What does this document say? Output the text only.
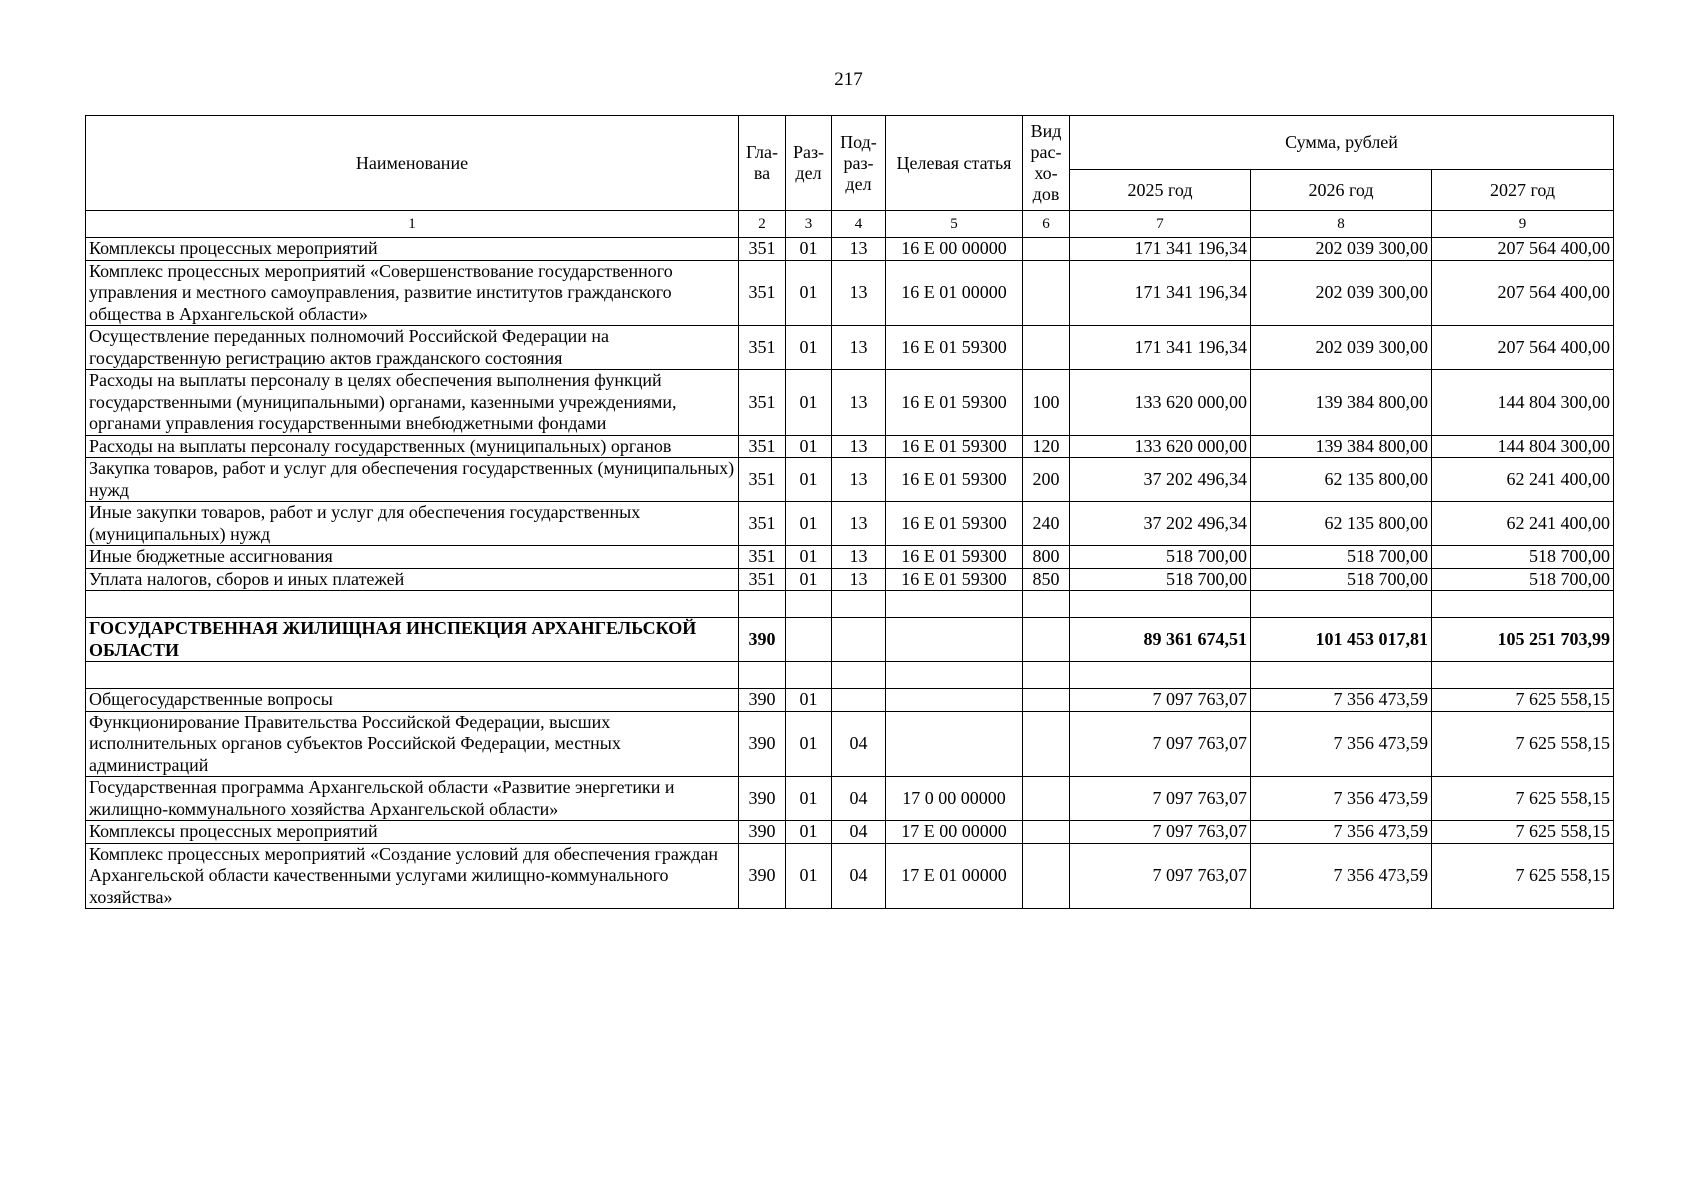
217
Наименование	Гла-ва	Раз-дел	Под-раз-дел	Целевая статья	Вид рас-хо-дов	Сумма, рублей		
						2025 год	2026 год	2027 год
1	2	3	4	5	6	7	8	9
Комплексы процессных мероприятий	351	01	13	16 Е 00 00000		171 341 196,34	202 039 300,00	207 564 400,00
Комплекс процессных мероприятий «Совершенствование государственного управления и местного самоуправления, развитие институтов гражданского общества в Архангельской области»	351	01	13	16 Е 01 00000		171 341 196,34	202 039 300,00	207 564 400,00
Осуществление переданных полномочий Российской Федерации на государственную регистрацию актов гражданского состояния	351	01	13	16 Е 01 59300		171 341 196,34	202 039 300,00	207 564 400,00
Расходы на выплаты персоналу в целях обеспечения выполнения функций государственными (муниципальными) органами, казенными учреждениями, органами управления государственными внебюджетными фондами	351	01	13	16 Е 01 59300	100	133 620 000,00	139 384 800,00	144 804 300,00
Расходы на выплаты персоналу государственных (муниципальных) органов	351	01	13	16 Е 01 59300	120	133 620 000,00	139 384 800,00	144 804 300,00
Закупка товаров, работ и услуг для обеспечения государственных (муниципальных) нужд	351	01	13	16 Е 01 59300	200	37 202 496,34	62 135 800,00	62 241 400,00
Иные закупки товаров, работ и услуг для обеспечения государственных (муниципальных) нужд	351	01	13	16 Е 01 59300	240	37 202 496,34	62 135 800,00	62 241 400,00
Иные бюджетные ассигнования	351	01	13	16 Е 01 59300	800	518 700,00	518 700,00	518 700,00
Уплата налогов, сборов и иных платежей	351	01	13	16 Е 01 59300	850	518 700,00	518 700,00	518 700,00

ГОСУДАРСТВЕННАЯ ЖИЛИЩНАЯ ИНСПЕКЦИЯ АРХАНГЕЛЬСКОЙ ОБЛАСТИ	390					89 361 674,51	101 453 017,81	105 251 703,99

Общегосударственные вопросы	390	01				7 097 763,07	7 356 473,59	7 625 558,15
Функционирование Правительства Российской Федерации, высших исполнительных органов субъектов Российской Федерации, местных администраций	390	01	04			7 097 763,07	7 356 473,59	7 625 558,15
Государственная программа Архангельской области «Развитие энергетики и жилищно-коммунального хозяйства Архангельской области»	390	01	04	17 0 00 00000		7 097 763,07	7 356 473,59	7 625 558,15
Комплексы процессных мероприятий	390	01	04	17 Е 00 00000		7 097 763,07	7 356 473,59	7 625 558,15
Комплекс процессных мероприятий «Создание условий для обеспечения граждан Архангельской области качественными услугами жилищно-коммунального хозяйства»	390	01	04	17 Е 01 00000		7 097 763,07	7 356 473,59	7 625 558,15
